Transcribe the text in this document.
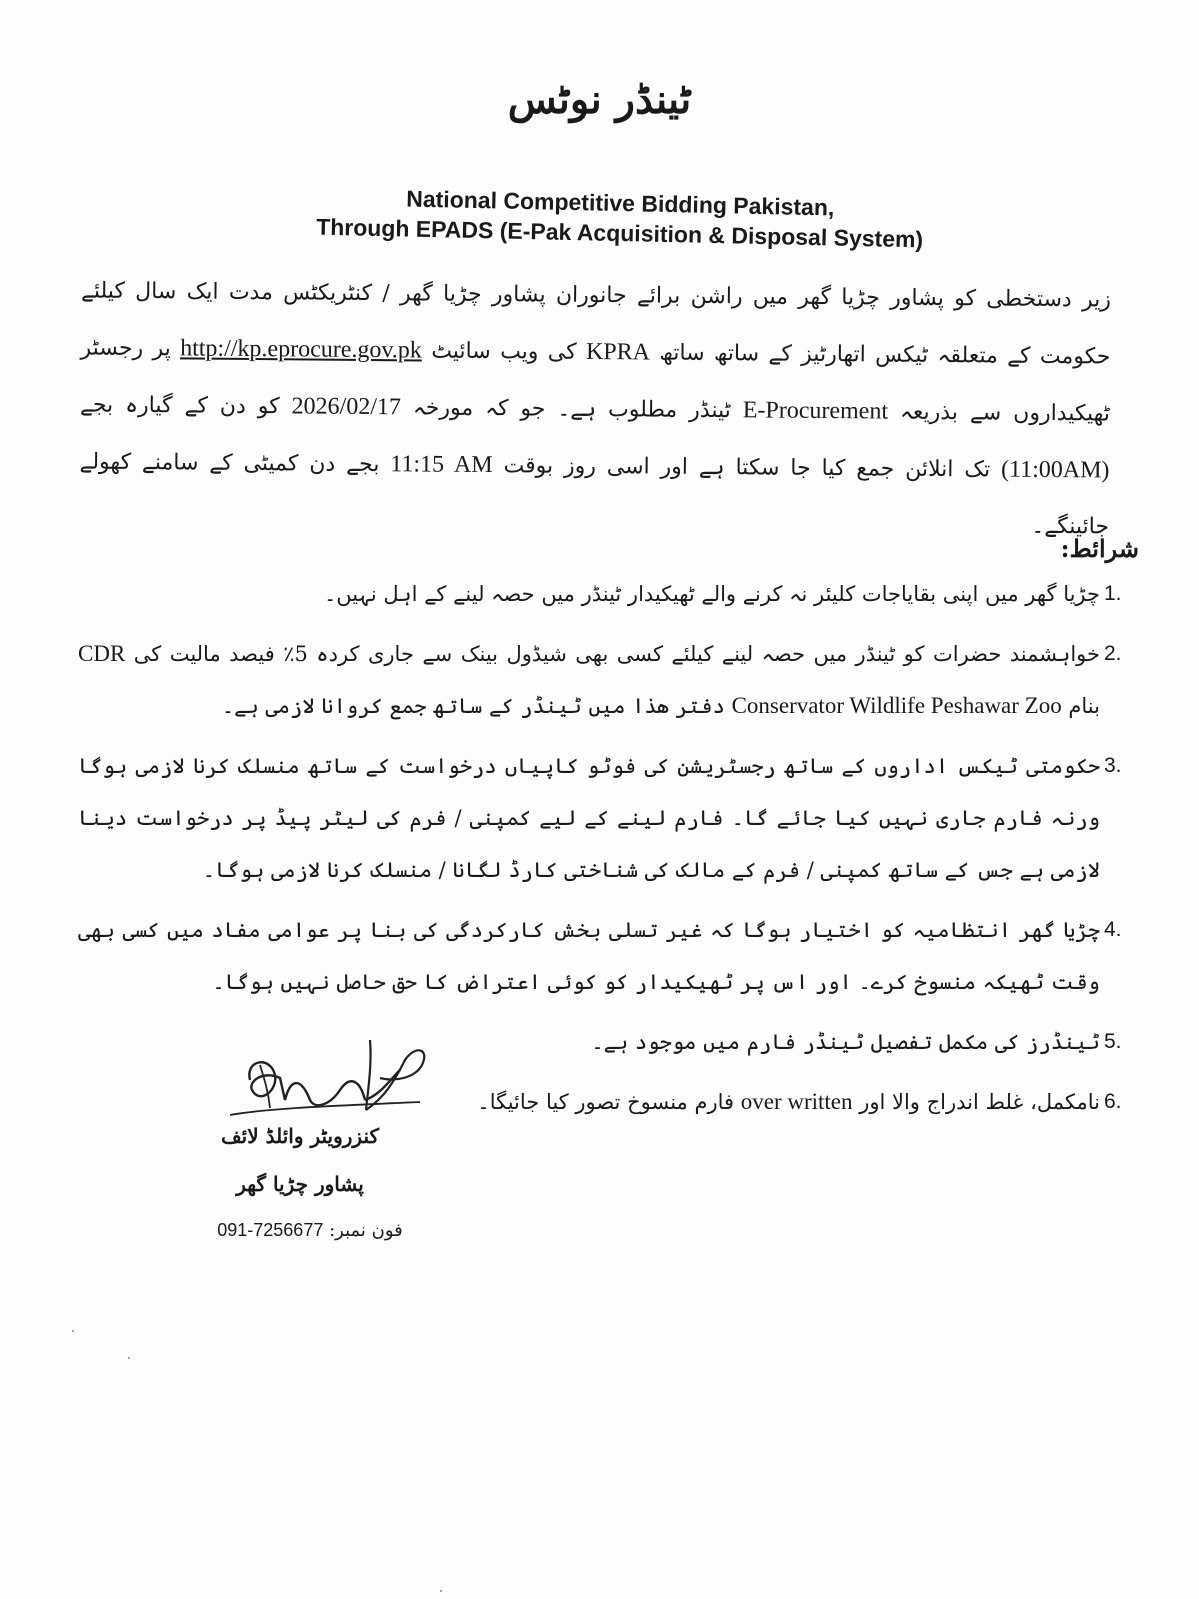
ٹینڈر نوٹس
National Competitive Bidding Pakistan,
Through EPADS (E-Pak Acquisition & Disposal System)
زیر دستخطی کو پشاور چڑیا گھر میں راشن برائے جانوران پشاور چڑیا گھر / کنٹریکٹس مدت ایک سال کیلئے حکومت کے متعلقہ ٹیکس اتھارٹیز کے ساتھ ساتھ KPRA کی ویب سائیٹ http://kp.eprocure.gov.pk پر رجسٹر ٹھیکیداروں سے بذریعہ E-Procurement ٹینڈر مطلوب ہے۔ جو کہ مورخہ 2026/02/17 کو دن کے گیارہ بجے (11:00AM) تک انلائن جمع کیا جا سکتا ہے اور اسی روز بوقت 11:15 AM بجے دن کمیٹی کے سامنے کھولے جائینگے۔
شرائط:
1.
چڑیا گھر میں اپنی بقایاجات کلیئر نہ کرنے والے ٹھیکیدار ٹینڈر میں حصہ لینے کے اہل نہیں۔
2.
خواہشمند حضرات کو ٹینڈر میں حصہ لینے کیلئے کسی بھی شیڈول بینک سے جاری کردہ 5٪ فیصد مالیت کی CDR بنام Conservator Wildlife Peshawar Zoo دفتر ھذا میں ٹینڈر کے ساتھ جمع کروانا لازمی ہے۔
3.
حکومتی ٹیکس اداروں کے ساتھ رجسٹریشن کی فوٹو کاپیاں درخواست کے ساتھ منسلک کرنا لازمی ہوگا ورنہ فارم جاری نہیں کیا جائے گا۔ فارم لینے کے لیے کمپنی / فرم کی لیٹر پیڈ پر درخواست دینا لازمی ہے جس کے ساتھ کمپنی / فرم کے مالک کی شناختی کارڈ لگانا / منسلک کرنا لازمی ہوگا۔
4.
چڑیا گھر انتظامیہ کو اختیار ہوگا کہ غیر تسلی بخش کارکردگی کی بنا پر عوامی مفاد میں کسی بھی وقت ٹھیکہ منسوخ کرے۔ اور اس پر ٹھیکیدار کو کوئی اعتراض کا حق حاصل نہیں ہوگا۔
5.
ٹینڈرز کی مکمل تفصیل ٹینڈر فارم میں موجود ہے۔
6.
نامکمل، غلط اندراج والا اور over written فارم منسوخ تصور کیا جائیگا۔
کنزرویٹر وائلڈ لائف
پشاور چڑیا گھر
فون نمبر: 091-7256677
